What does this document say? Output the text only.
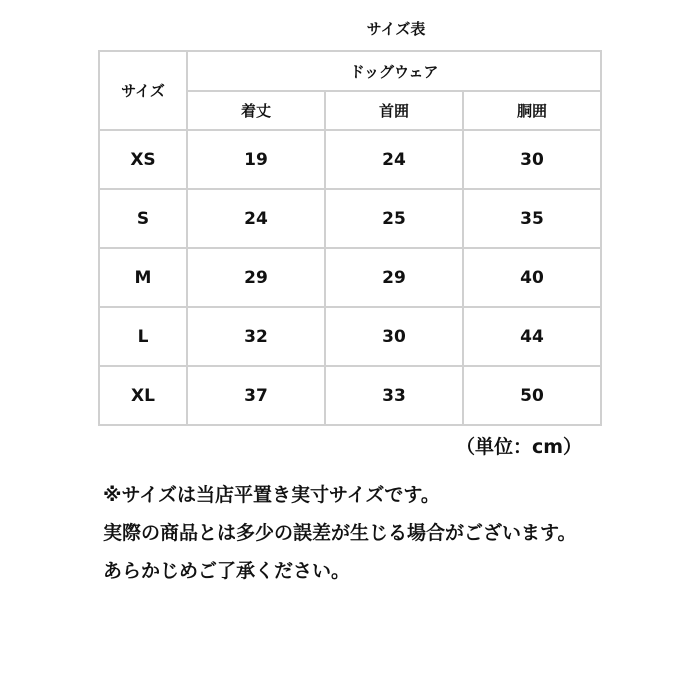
サイズ表
サイズ	ドッグウェア		
	着丈	首囲	胴囲
XS	19	24	30
S	24	25	35
M	29	29	40
L	32	30	44
XL	37	33	50
（単位：cm）
※サイズは当店平置き実寸サイズです。
実際の商品とは多少の誤差が生じる場合がございます。
あらかじめご了承ください。
